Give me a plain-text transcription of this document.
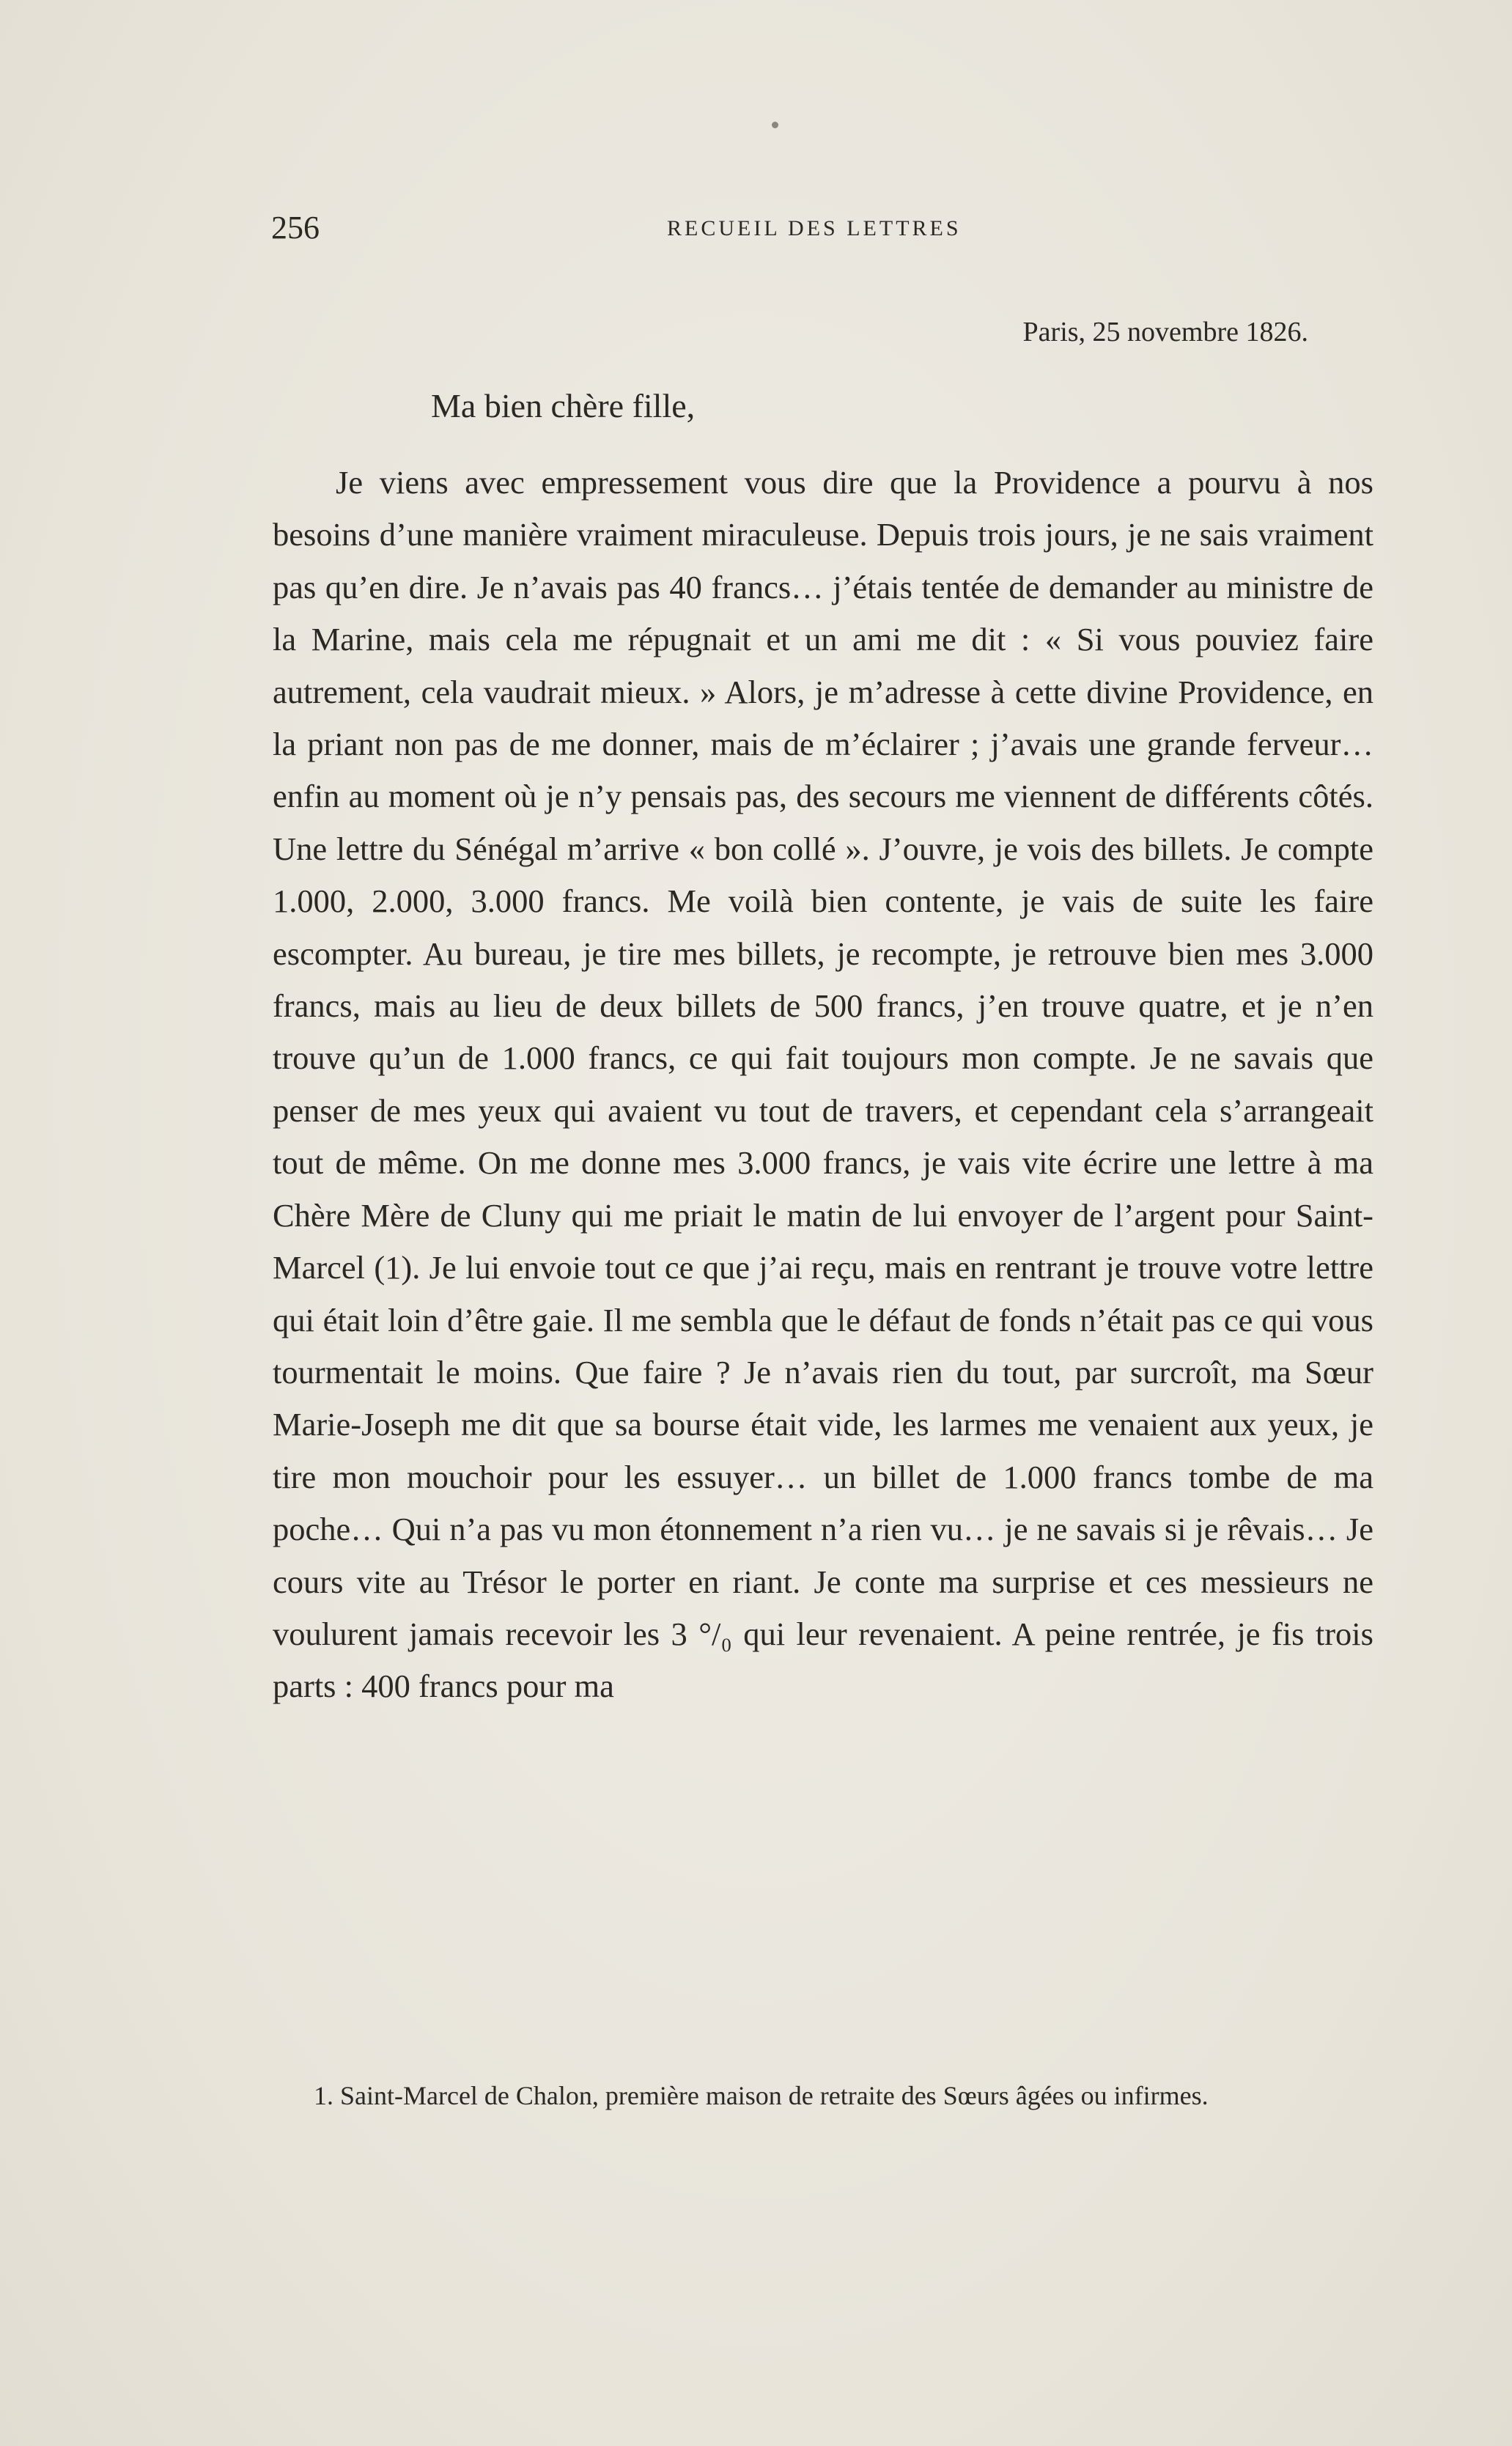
256	RECUEIL DES LETTRES
Paris, 25 novembre 1826.
Ma bien chère fille,

Je viens avec empressement vous dire que la Providence a pourvu à nos besoins d’une manière vraiment miraculeuse. Depuis trois jours, je ne sais vraiment pas qu’en dire. Je n’avais pas 40 francs… j’étais tentée de demander au ministre de la Marine, mais cela me répugnait et un ami me dit : « Si vous pouviez faire autrement, cela vaudrait mieux. » Alors, je m’adresse à cette divine Providence, en la priant non pas de me donner, mais de m’éclairer ; j’avais une grande ferveur… enfin au moment où je n’y pensais pas, des secours me viennent de différents côtés. Une lettre du Sénégal m’arrive « bon collé ». J’ouvre, je vois des billets. Je compte 1.000, 2.000, 3.000 francs. Me voilà bien contente, je vais de suite les faire escompter. Au bureau, je tire mes billets, je recompte, je retrouve bien mes 3.000 francs, mais au lieu de deux billets de 500 francs, j’en trouve quatre, et je n’en trouve qu’un de 1.000 francs, ce qui fait toujours mon compte. Je ne savais que penser de mes yeux qui avaient vu tout de travers, et cependant cela s’arrangeait tout de même. On me donne mes 3.000 francs, je vais vite écrire une lettre à ma Chère Mère de Cluny qui me priait le matin de lui envoyer de l’argent pour Saint-Marcel (1). Je lui envoie tout ce que j’ai reçu, mais en rentrant je trouve votre lettre qui était loin d’être gaie. Il me sembla que le défaut de fonds n’était pas ce qui vous tourmentait le moins. Que faire ? Je n’avais rien du tout, par surcroît, ma Sœur Marie-Joseph me dit que sa bourse était vide, les larmes me venaient aux yeux, je tire mon mouchoir pour les essuyer… un billet de 1.000 francs tombe de ma poche… Qui n’a pas vu mon étonnement n’a rien vu… je ne savais si je rêvais… Je cours vite au Trésor le porter en riant. Je conte ma surprise et ces messieurs ne voulurent jamais recevoir les 3 °/₀ qui leur revenaient. A peine rentrée, je fis trois parts : 400 francs pour ma

1. Saint-Marcel de Chalon, première maison de retraite des Sœurs âgées ou infirmes.
